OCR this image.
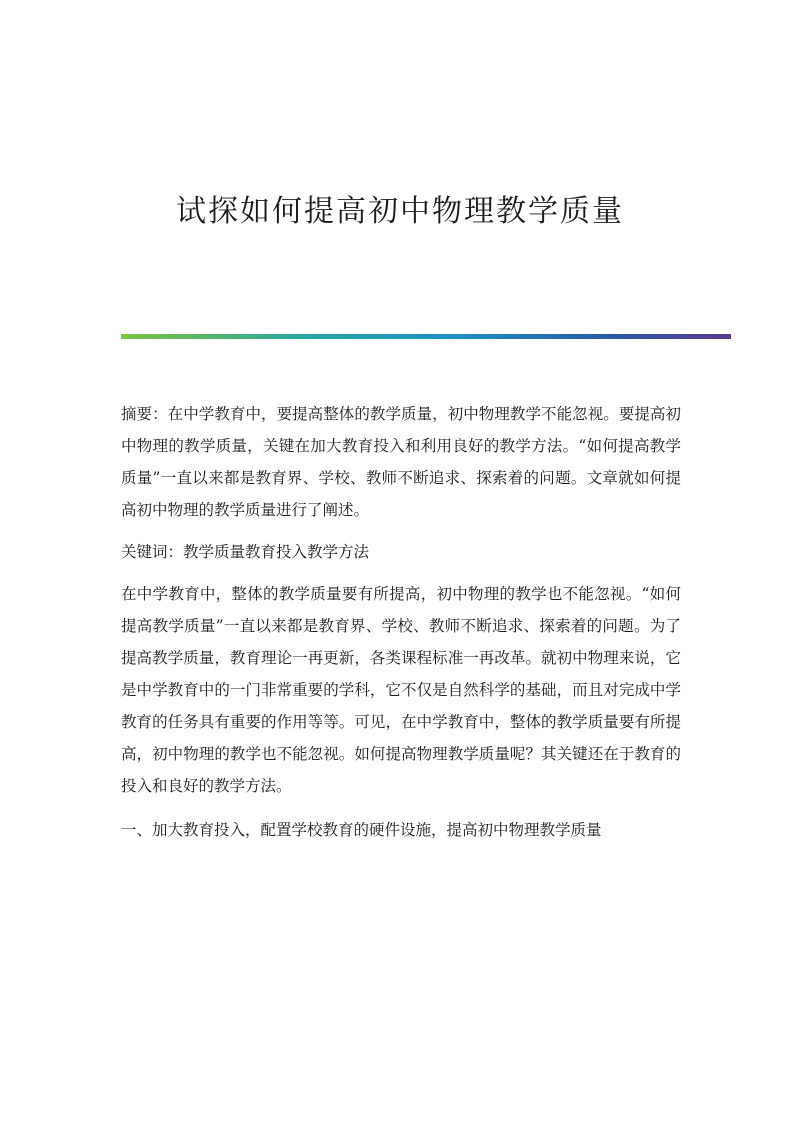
试探如何提高初中物理教学质量

摘要：在中学教育中，要提高整体的教学质量，初中物理教学不能忽视。要提高初中物理的教学质量，关键在加大教育投入和利用良好的教学方法。“如何提高教学质量”一直以来都是教育界、学校、教师不断追求、探索着的问题。文章就如何提高初中物理的教学质量进行了阐述。

关键词：教学质量教育投入教学方法

在中学教育中，整体的教学质量要有所提高，初中物理的教学也不能忽视。“如何提高教学质量”一直以来都是教育界、学校、教师不断追求、探索着的问题。为了提高教学质量，教育理论一再更新，各类课程标准一再改革。就初中物理来说，它是中学教育中的一门非常重要的学科，它不仅是自然科学的基础，而且对完成中学教育的任务具有重要的作用等等。可见，在中学教育中，整体的教学质量要有所提高，初中物理的教学也不能忽视。如何提高物理教学质量呢？其关键还在于教育的投入和良好的教学方法。

一、加大教育投入，配置学校教育的硬件设施，提高初中物理教学质量
